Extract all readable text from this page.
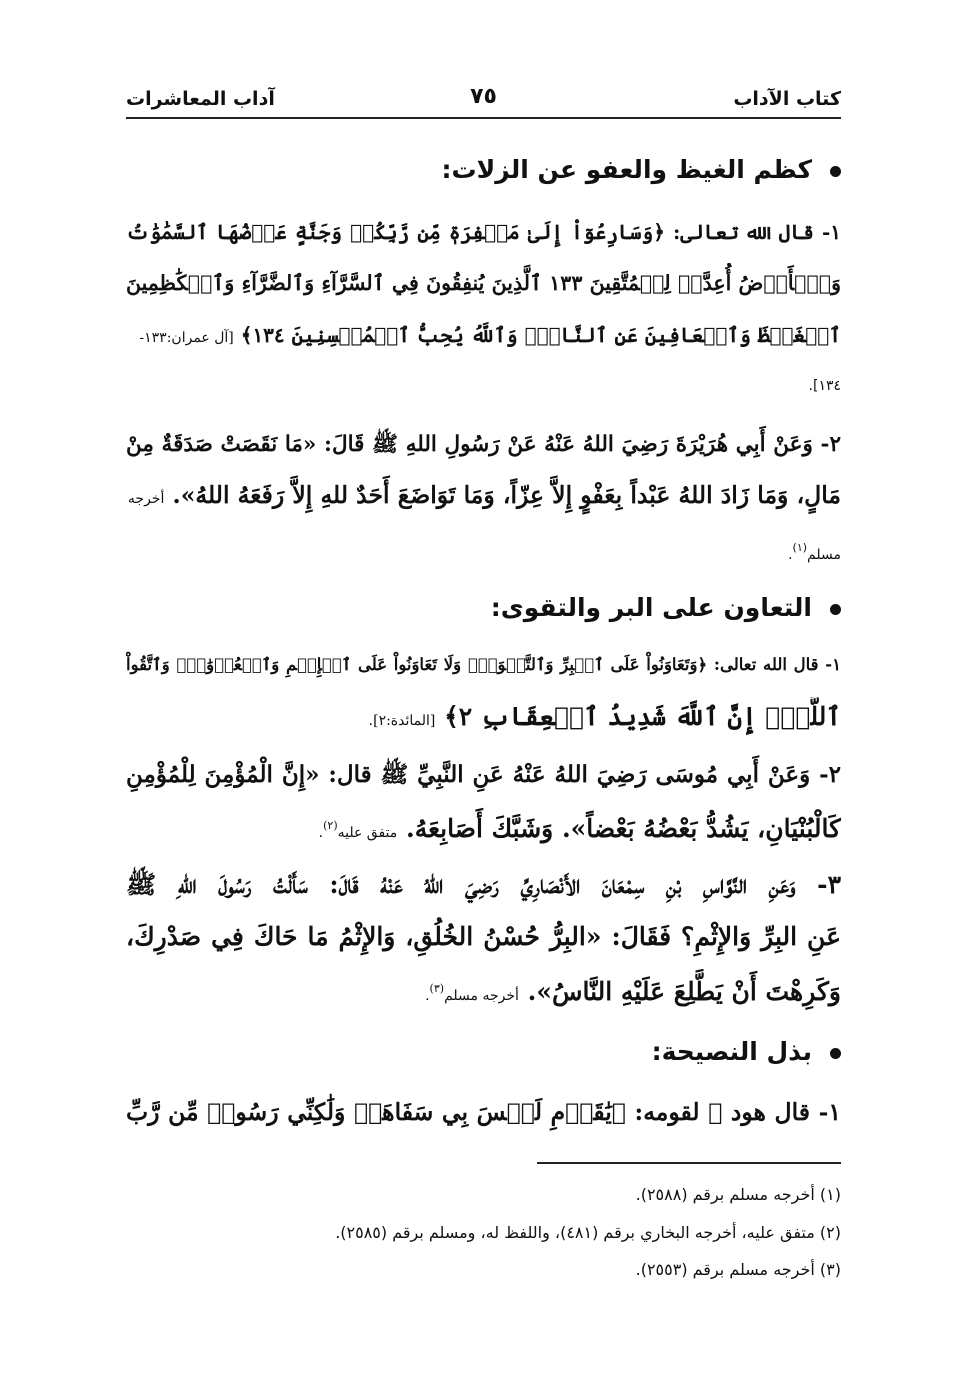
كتاب الآداب
٧٥
آداب المعاشرات
كظم الغيظ والعفو عن الزلات:
١- قال الله تعالى: ﴿وَسَارِعُوٓاْ إِلَىٰ مَغۡفِرَةٖ مِّن رَّبِّكُمۡ وَجَنَّةٍ عَرۡضُهَا ٱلسَّمَٰوَٰتُ
وَٱلۡأَرۡضُ أُعِدَّتۡ لِلۡمُتَّقِينَ ١٣٣ ٱلَّذِينَ يُنفِقُونَ فِي ٱلسَّرَّآءِ وَٱلضَّرَّآءِ وَٱلۡكَٰظِمِينَ
ٱلۡغَيۡظَ وَٱلۡعَافِينَ عَنِ ٱلنَّاسِۗ وَٱللَّهُ يُحِبُّ ٱلۡمُحۡسِنِينَ ١٣٤﴾ [آل عمران:١٣٣-
١٣٤].
٢- وَعَنْ أَبِي هُرَيْرَةَ رَضِيَ اللهُ عَنْهُ عَنْ رَسُولِ اللهِ ﷺ قَالَ: «مَا نَقَصَتْ صَدَقَةٌ مِنْ
مَالٍ، وَمَا زَادَ اللهُ عَبْداً بِعَفْوٍ إِلاَّ عِزّاً، وَمَا تَوَاضَعَ أَحَدٌ للهِ إِلاَّ رَفَعَهُ اللهُ». أخرجه
مسلم$^{(١)}$.
التعاون على البر والتقوى:
١- قال الله تعالى: ﴿وَتَعَاوَنُواْ عَلَى ٱلۡبِرِّ وَٱلتَّقۡوَىٰۖ وَلَا تَعَاوَنُواْ عَلَى ٱلۡإِثۡمِ وَٱلۡعُدۡوَٰنِۚ وَٱتَّقُواْ
ٱللَّهَۖ إِنَّ ٱللَّهَ شَدِيدُ ٱلۡعِقَابِ ٢﴾ [المائدة:٢].
٢- وَعَنْ أَبِي مُوسَى رَضِيَ اللهُ عَنْهُ عَنِ النَّبِيِّ ﷺ قال: «إِنَّ الْمُؤْمِنَ لِلْمُؤْمِنِ
كَالْبُنْيَانِ، يَشُدُّ بَعْضُهُ بَعْضاً». وَشَبَّكَ أَصَابِعَهُ. متفق عليه$^{(٢)}$.
٣- وَعَنِ النَّوَّاسِ بْنِ سِمْعَانَ الأَنْصَارِيِّ رَضِيَ اللهُ عَنْهُ قَالَ: سَأَلْتُ رَسُولَ اللهِ ﷺ
عَنِ البِرِّ وَالإِثْمِ؟ فَقَالَ: «البِرُّ حُسْنُ الخُلُقِ، وَالإِثْمُ مَا حَاكَ فِي صَدْرِكَ،
وَكَرِهْتَ أَنْ يَطَّلِعَ عَلَيْهِ النَّاسُ». أخرجه مسلم$^{(٣)}$.
بذل النصيحة:
١- قال هود ﷺ لقومه: ﴿يَٰقَوۡمِ لَيۡسَ بِي سَفَاهَةٞ وَلَٰكِنِّي رَسُولٞ مِّن رَّبِّ
(١) أخرجه مسلم برقم (٢٥٨٨).
(٢) متفق عليه، أخرجه البخاري برقم (٤٨١)، واللفظ له، ومسلم برقم (٢٥٨٥).
(٣) أخرجه مسلم برقم (٢٥٥٣).
